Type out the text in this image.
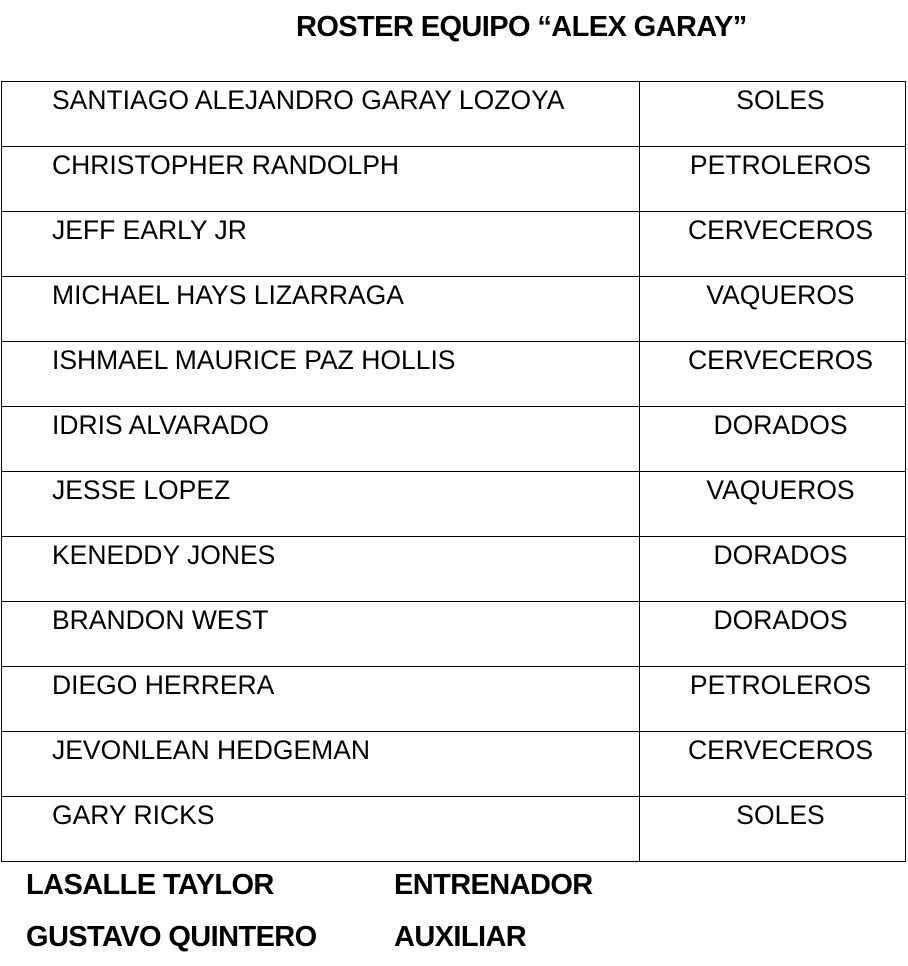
ROSTER EQUIPO “ALEX GARAY”
SANTIAGO ALEJANDRO GARAY LOZOYA	SOLES
CHRISTOPHER RANDOLPH	PETROLEROS
JEFF EARLY JR	CERVECEROS
MICHAEL HAYS LIZARRAGA	VAQUEROS
ISHMAEL MAURICE PAZ HOLLIS	CERVECEROS
IDRIS ALVARADO	DORADOS
JESSE LOPEZ	VAQUEROS
KENEDDY JONES	DORADOS
BRANDON WEST	DORADOS
DIEGO HERRERA	PETROLEROS
JEVONLEAN HEDGEMAN	CERVECEROS
GARY RICKS	SOLES
LASALLE TAYLOR	ENTRENADOR
GUSTAVO QUINTERO	AUXILIAR
